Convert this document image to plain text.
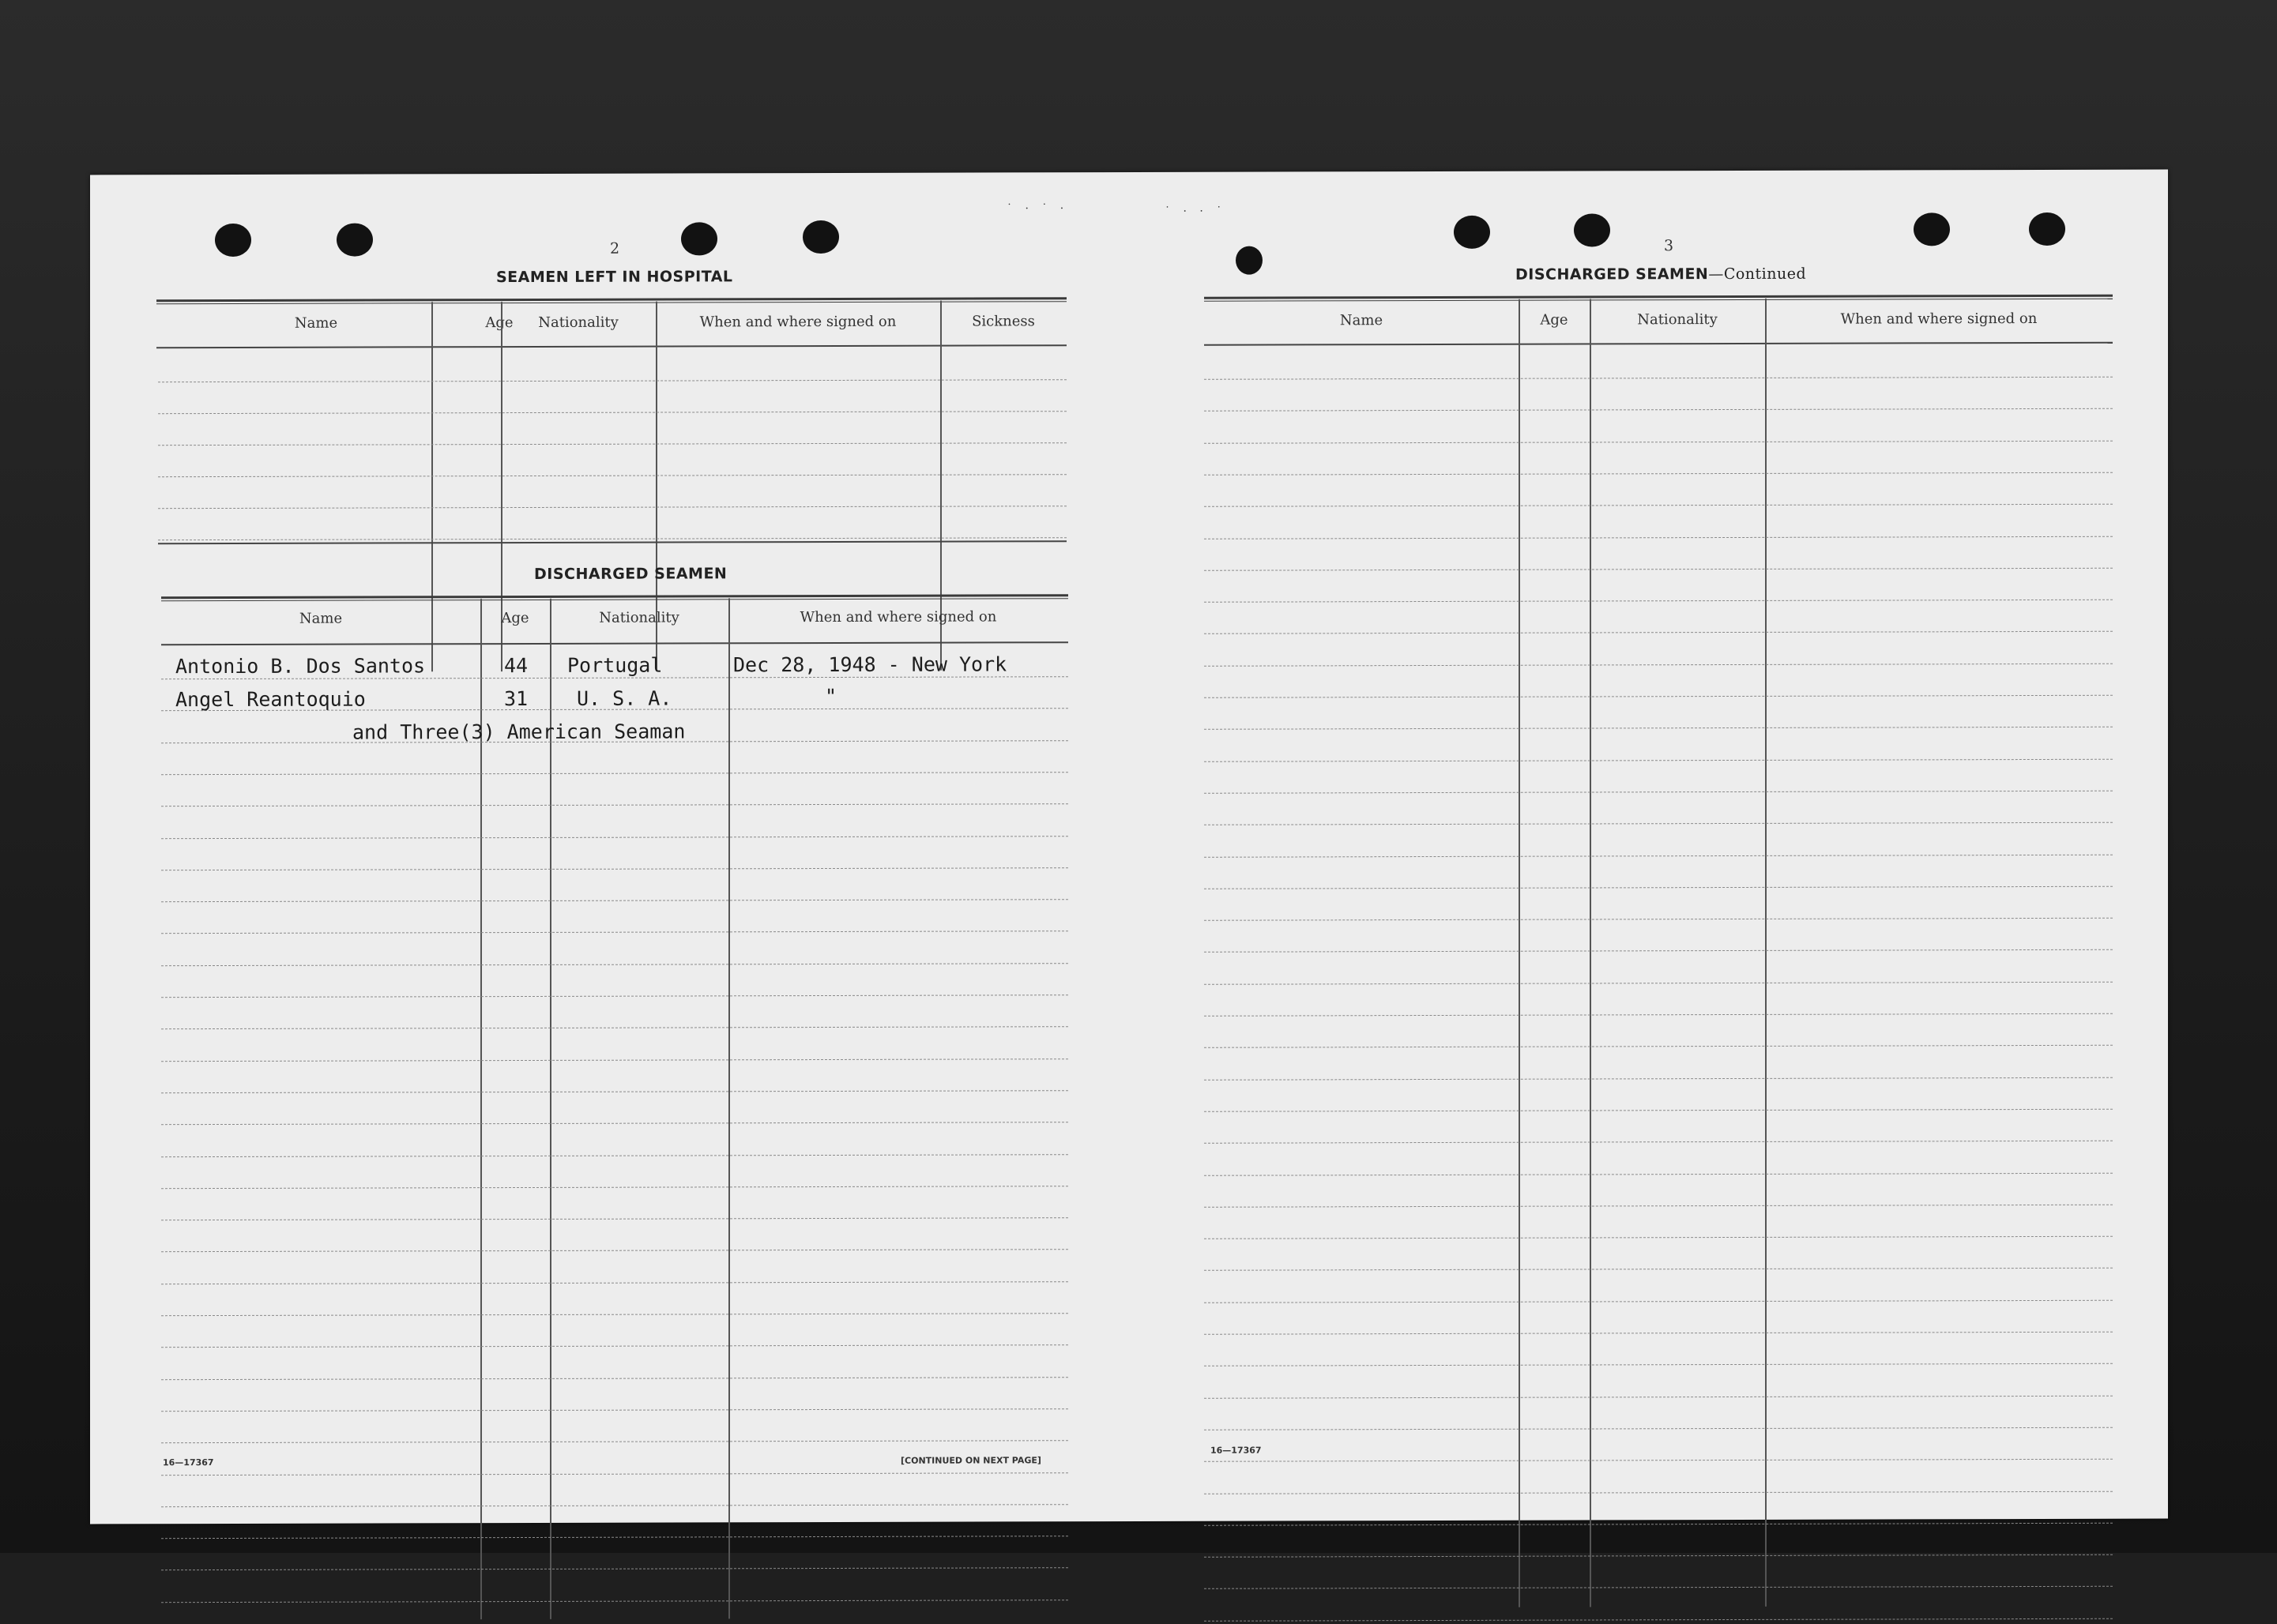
˙ · ˙ ·	˙ · · ˙
2
SEAMEN LEFT IN HOSPITAL
Name	Age	Nationality	When and where signed on	Sickness
DISCHARGED SEAMEN
Name	Age	Nationality	When and where signed on
Antonio B. Dos Santos	44 Portugal	Dec 28, 1948 - New York
Angel Reantoquio	31 U. S. A.	"
and Three(3) American Seaman
16—17367	[CONTINUED ON NEXT PAGE]
3
DISCHARGED SEAMEN—Continued
Name	Age	Nationality	When and where signed on
16—17367
